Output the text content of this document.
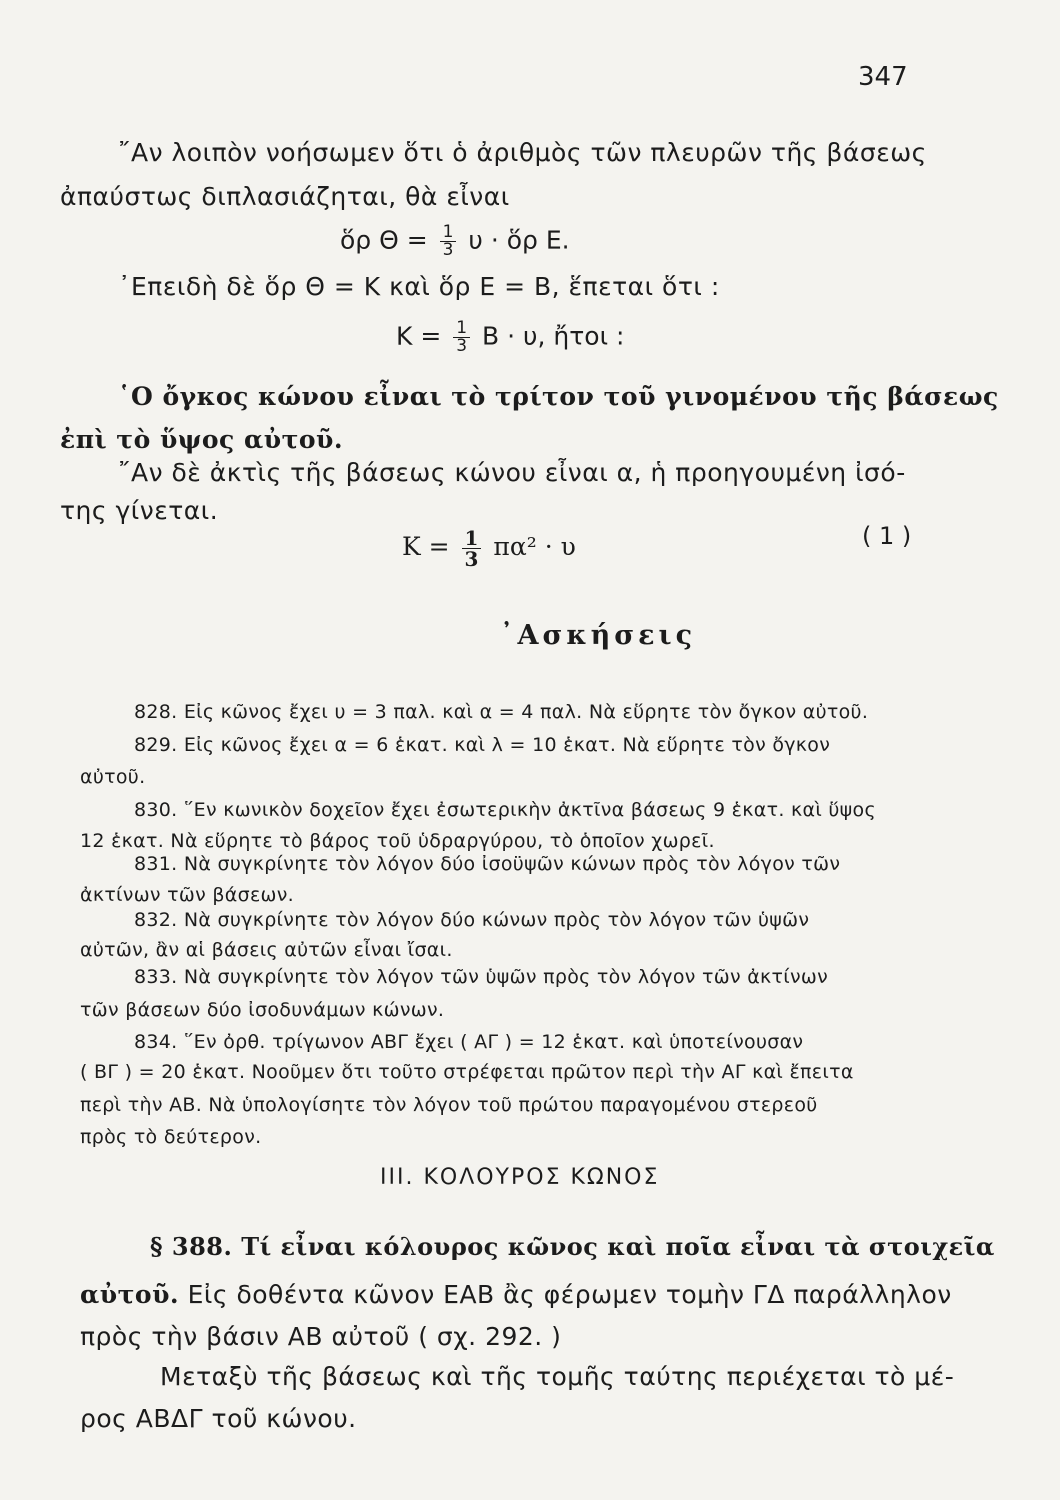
347
῎Αν λοιπὸν νοήσωμεν ὅτι ὁ ἀριθμὸς τῶν πλευρῶν τῆς βάσεως
ἀπαύστως διπλασιάζηται, θὰ εἶναι
ὅρ $\Theta = \frac{1}{3}$ υ · ὅρ Ε.
᾿Επειδὴ δὲ ὅρ Θ = Κ καὶ ὅρ Ε = Β, ἕπεται ὅτι :
$K = \frac{1}{3}$ Β · υ, ἤτοι :
῾Ο ὄγκος κώνου εἶναι τὸ τρίτον τοῦ γινομένου τῆς βάσεως
ἐπὶ τὸ ὕψος αὐτοῦ.
῎Αν δὲ ἀκτὶς τῆς βάσεως κώνου εἶναι α, ἡ προηγουμένη ἰσό-
της γίνεται.
$K = \frac{1}{3} \pi\alpha^2 \cdot \upsilon$	( 1 )
᾿Ασκήσεις
828. Εἰς κῶνος ἔχει υ = 3 παλ. καὶ α = 4 παλ. Νὰ εὕρητε τὸν ὄγκον αὐτοῦ.
829. Εἰς κῶνος ἔχει α = 6 ἑκατ. καὶ λ = 10 ἑκατ. Νὰ εὕρητε τὸν ὄγκον
αὐτοῦ.
830. ῞Εν κωνικὸν δοχεῖον ἔχει ἐσωτερικὴν ἀκτῖνα βάσεως 9 ἑκατ. καὶ ὕψος
12 ἑκατ. Νὰ εὕρητε τὸ βάρος τοῦ ὑδραργύρου, τὸ ὁποῖον χωρεῖ.
831. Νὰ συγκρίνητε τὸν λόγον δύο ἰσοϋψῶν κώνων πρὸς τὸν λόγον τῶν
ἀκτίνων τῶν βάσεων.
832. Νὰ συγκρίνητε τὸν λόγον δύο κώνων πρὸς τὸν λόγον τῶν ὑψῶν
αὐτῶν, ἂν αἱ βάσεις αὐτῶν εἶναι ἴσαι.
833. Νὰ συγκρίνητε τὸν λόγον τῶν ὑψῶν πρὸς τὸν λόγον τῶν ἀκτίνων
τῶν βάσεων δύο ἰσοδυνάμων κώνων.
834. ῞Εν ὀρθ. τρίγωνον ΑΒΓ ἔχει ( ΑΓ ) = 12 ἑκατ. καὶ ὑποτείνουσαν
( ΒΓ ) = 20 ἑκατ. Νοοῦμεν ὅτι τοῦτο στρέφεται πρῶτον περὶ τὴν ΑΓ καὶ ἔπειτα
περὶ τὴν ΑΒ. Νὰ ὑπολογίσητε τὸν λόγον τοῦ πρώτου παραγομένου στερεοῦ
πρὸς τὸ δεύτερον.
ΙΙΙ. ΚΟΛΟΥΡΟΣ ΚΩΝΟΣ
§ 388. Τί εἶναι κόλουρος κῶνος καὶ ποῖα εἶναι τὰ στοιχεῖα
αὐτοῦ. Εἰς δοθέντα κῶνον ΕΑΒ ἂς φέρωμεν τομὴν ΓΔ παράλληλον
πρὸς τὴν βάσιν ΑΒ αὐτοῦ ( σχ. 292. )
Μεταξὺ τῆς βάσεως καὶ τῆς τομῆς ταύτης περιέχεται τὸ μέ-
ρος ΑΒΔΓ τοῦ κώνου.
